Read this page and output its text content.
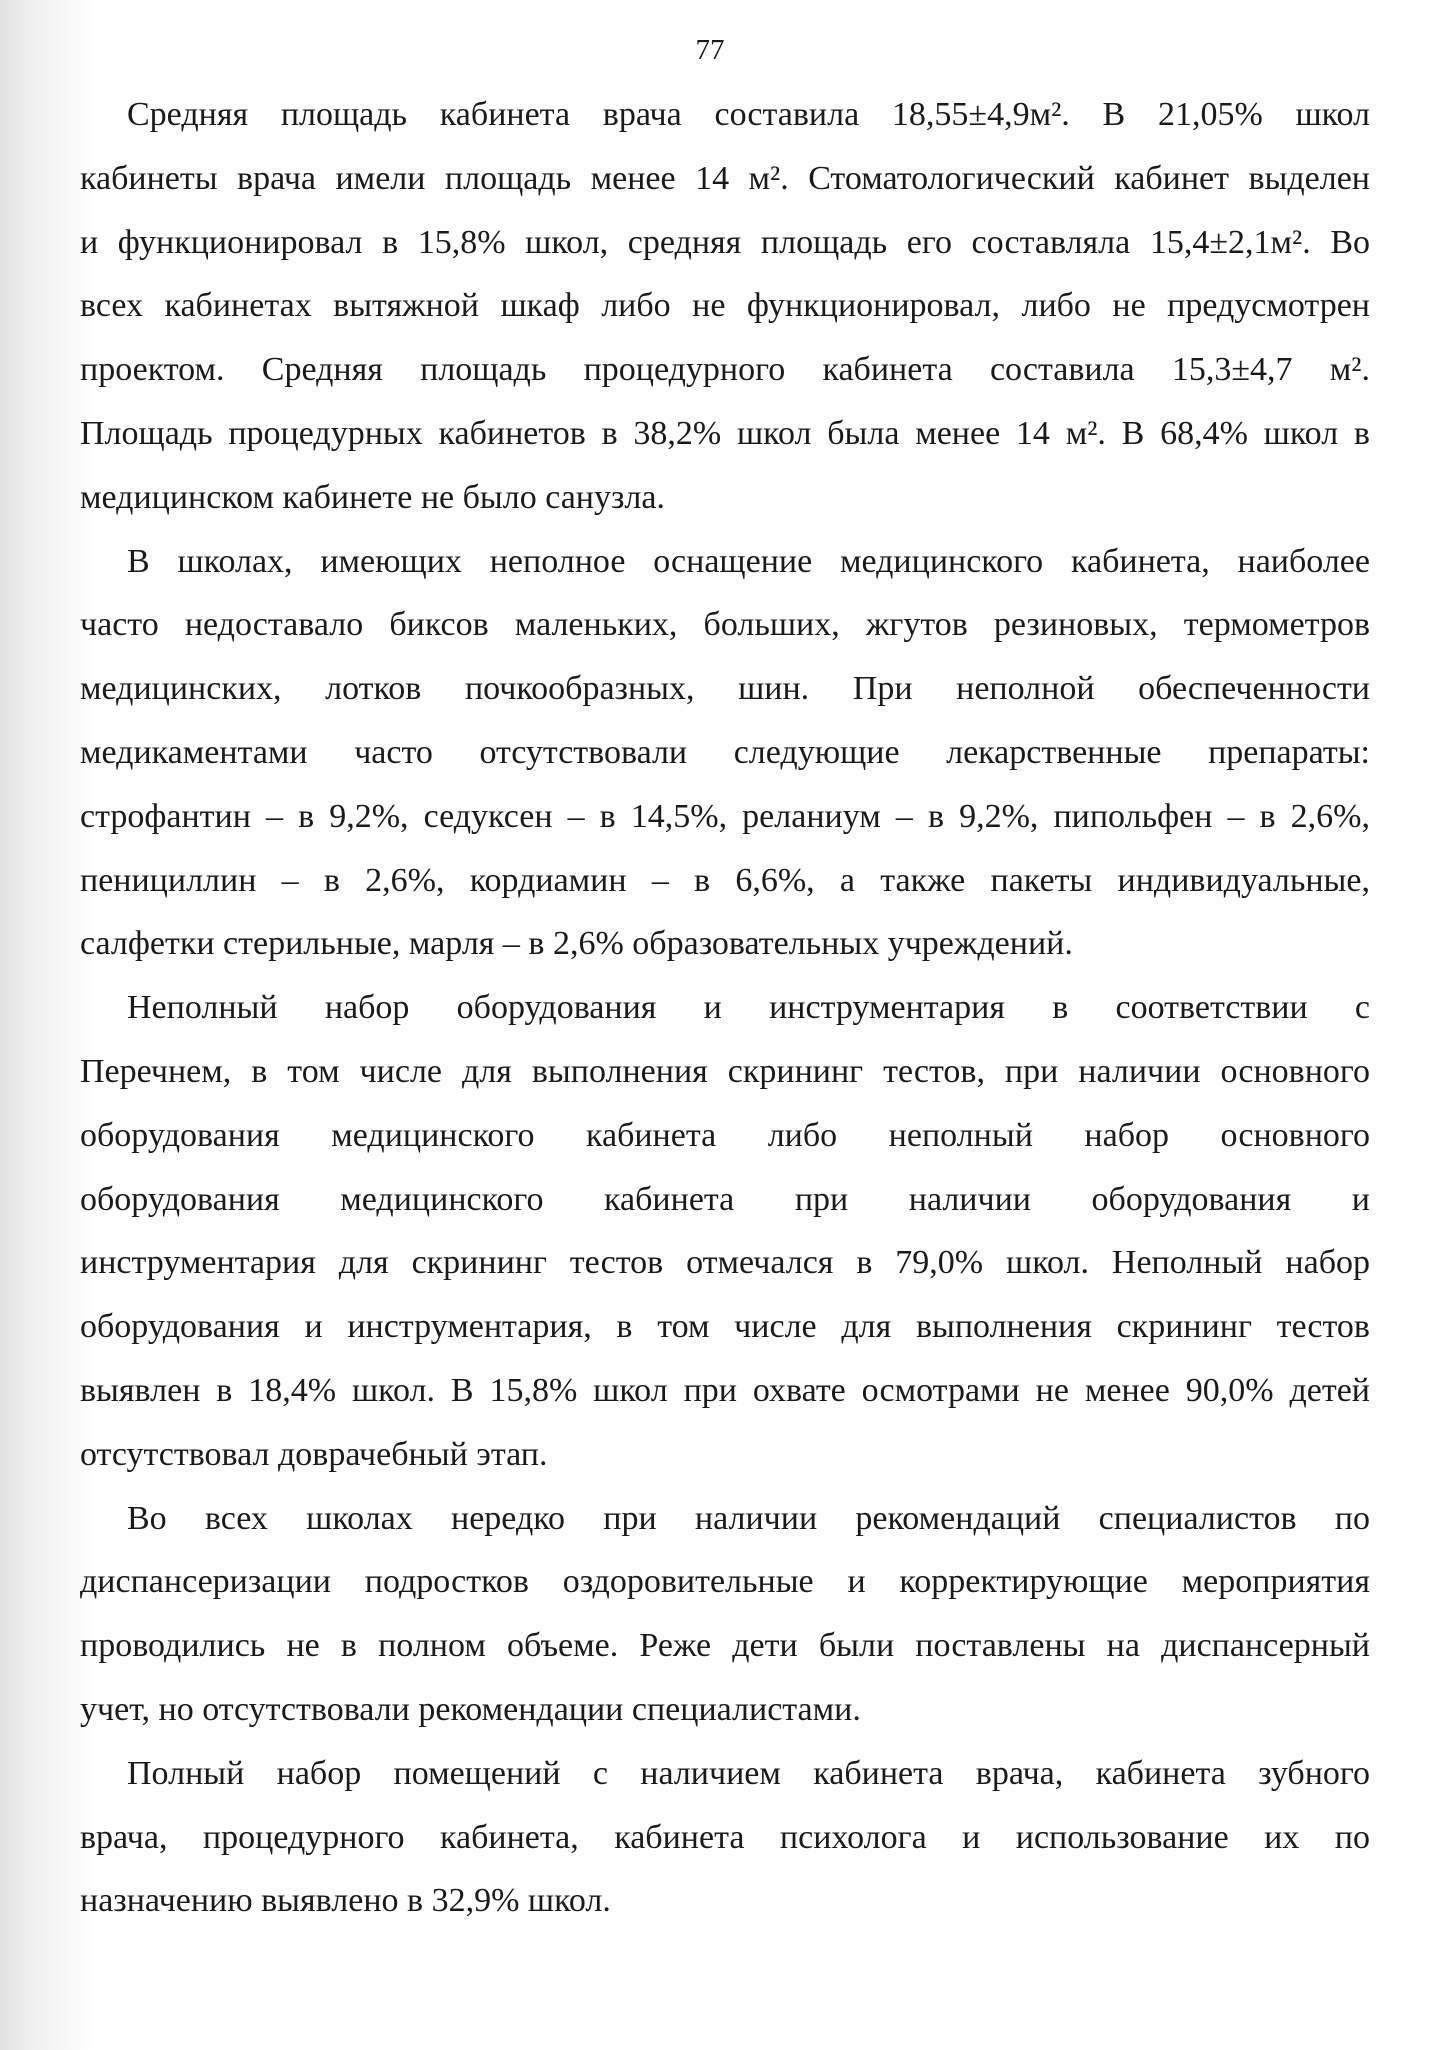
77

Средняя площадь кабинета врача составила 18,55±4,9м². В 21,05% школ
кабинеты врача имели площадь менее 14 м². Стоматологический кабинет выделен
и функционировал в 15,8% школ, средняя площадь его составляла 15,4±2,1м². Во
всех кабинетах вытяжной шкаф либо не функционировал, либо не предусмотрен
проектом. Средняя площадь процедурного кабинета составила 15,3±4,7 м².
Площадь процедурных кабинетов в 38,2% школ была менее 14 м². В 68,4% школ в
медицинском кабинете не было санузла.

В школах, имеющих неполное оснащение медицинского кабинета, наиболее
часто недоставало биксов маленьких, больших, жгутов резиновых, термометров
медицинских, лотков почкообразных, шин. При неполной обеспеченности
медикаментами часто отсутствовали следующие лекарственные препараты:
строфантин – в 9,2%, седуксен – в 14,5%, реланиум – в 9,2%, пипольфен – в 2,6%,
пенициллин – в 2,6%, кордиамин – в 6,6%, а также пакеты индивидуальные,
салфетки стерильные, марля – в 2,6% образовательных учреждений.

Неполный набор оборудования и инструментария в соответствии с
Перечнем, в том числе для выполнения скрининг тестов, при наличии основного
оборудования медицинского кабинета либо неполный набор основного
оборудования медицинского кабинета при наличии оборудования и
инструментария для скрининг тестов отмечался в 79,0% школ. Неполный набор
оборудования и инструментария, в том числе для выполнения скрининг тестов
выявлен в 18,4% школ. В 15,8% школ при охвате осмотрами не менее 90,0% детей
отсутствовал доврачебный этап.

Во всех школах нередко при наличии рекомендаций специалистов по
диспансеризации подростков оздоровительные и корректирующие мероприятия
проводились не в полном объеме. Реже дети были поставлены на диспансерный
учет, но отсутствовали рекомендации специалистами.

Полный набор помещений с наличием кабинета врача, кабинета зубного
врача, процедурного кабинета, кабинета психолога и использование их по
назначению выявлено в 32,9% школ.
